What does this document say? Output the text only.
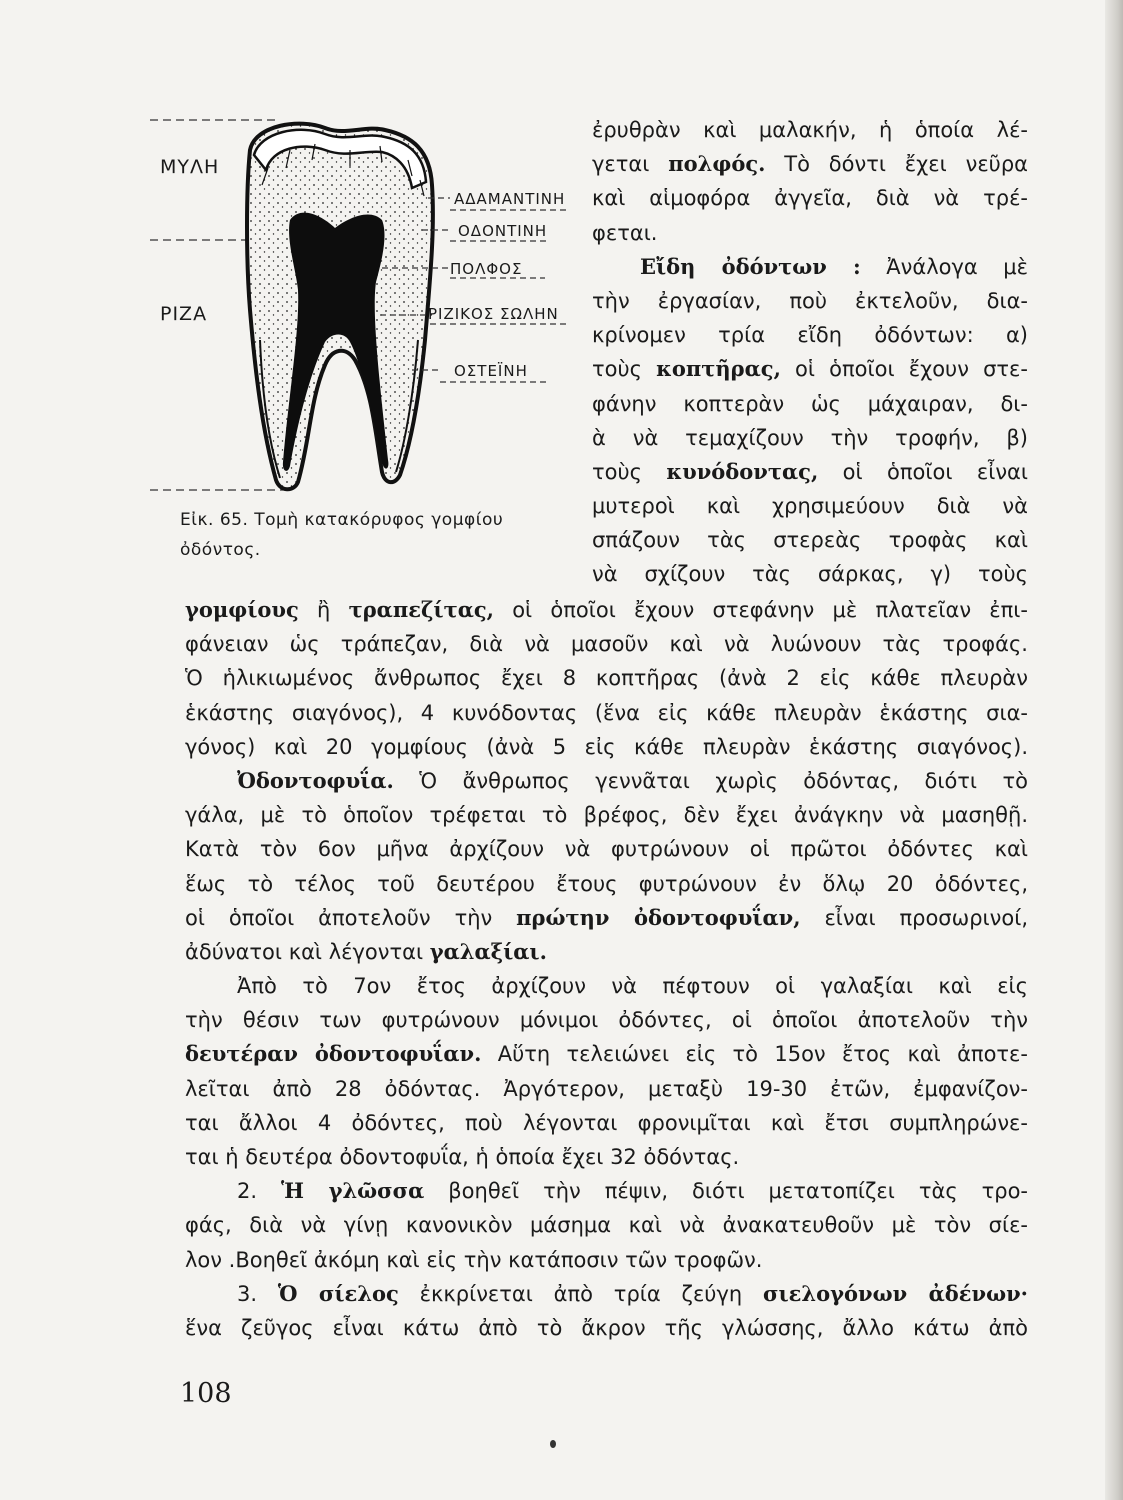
ΜΥΛΗ
ΡΙΖΑ
ΑΔΑΜΑΝΤΙΝΗ
ΟΔΟΝΤΙΝΗ
ΠΟΛΦΟΣ
ΡΙΖΙΚΟΣ ΣΩΛΗΝ
ΟΣΤΕΪΝΗ
Εἰκ. 65. Τομὴ κατακόρυφος γομφίου
ὀδόντος.
ἐρυθρὰν καὶ μαλακήν, ἡ ὁποία λέ-
γεται πολφός. Τὸ δόντι ἔχει νεῦρα
καὶ αἱμοφόρα ἀγγεῖα, διὰ νὰ τρέ-
φεται.
Εἴδη ὀδόντων : Ἀνάλογα μὲ
τὴν ἐργασίαν, ποὺ ἐκτελοῦν, δια-
κρίνομεν τρία εἴδη ὀδόντων: α)
τοὺς κοπτῆρας, οἱ ὁποῖοι ἔχουν στε-
φάνην κοπτερὰν ὡς μάχαιραν, δι-
ὰ νὰ τεμαχίζουν τὴν τροφήν, β)
τοὺς κυνόδοντας, οἱ ὁποῖοι εἶναι
μυτεροὶ καὶ χρησιμεύουν διὰ νὰ
σπάζουν τὰς στερεὰς τροφὰς καὶ
νὰ σχίζουν τὰς σάρκας, γ) τοὺς
γομφίους ἢ τραπεζίτας, οἱ ὁποῖοι ἔχουν στεφάνην μὲ πλατεῖαν ἐπι-
φάνειαν ὡς τράπεζαν, διὰ νὰ μασοῦν καὶ νὰ λυώνουν τὰς τροφάς.
Ὁ ἡλικιωμένος ἄνθρωπος ἔχει 8 κοπτῆρας (ἀνὰ 2 εἰς κάθε πλευρὰν
ἑκάστης σιαγόνος), 4 κυνόδοντας (ἕνα εἰς κάθε πλευρὰν ἑκάστης σια-
γόνος) καὶ 20 γομφίους (ἀνὰ 5 εἰς κάθε πλευρὰν ἑκάστης σιαγόνος).
Ὀδοντοφυΐα. Ὁ ἄνθρωπος γεννᾶται χωρὶς ὀδόντας, διότι τὸ
γάλα, μὲ τὸ ὁποῖον τρέφεται τὸ βρέφος, δὲν ἔχει ἀνάγκην νὰ μασηθῇ.
Κατὰ τὸν 6ον μῆνα ἀρχίζουν νὰ φυτρώνουν οἱ πρῶτοι ὀδόντες καὶ
ἕως τὸ τέλος τοῦ δευτέρου ἔτους φυτρώνουν ἐν ὅλῳ 20 ὀδόντες,
οἱ ὁποῖοι ἀποτελοῦν τὴν πρώτην ὀδοντοφυΐαν, εἶναι προσωρινοί,
ἀδύνατοι καὶ λέγονται γαλαξίαι.
Ἀπὸ τὸ 7ον ἔτος ἀρχίζουν νὰ πέφτουν οἱ γαλαξίαι καὶ εἰς
τὴν θέσιν των φυτρώνουν μόνιμοι ὀδόντες, οἱ ὁποῖοι ἀποτελοῦν τὴν
δευτέραν ὀδοντοφυΐαν. Αὕτη τελειώνει εἰς τὸ 15ον ἔτος καὶ ἀποτε-
λεῖται ἀπὸ 28 ὀδόντας. Ἀργότερον, μεταξὺ 19-30 ἐτῶν, ἐμφανίζον-
ται ἄλλοι 4 ὀδόντες, ποὺ λέγονται φρονιμῖται καὶ ἔτσι συμπληρώνε-
ται ἡ δευτέρα ὀδοντοφυΐα, ἡ ὁποία ἔχει 32 ὀδόντας.
2. Ἡ γλῶσσα βοηθεῖ τὴν πέψιν, διότι μετατοπίζει τὰς τρο-
φάς, διὰ νὰ γίνῃ κανονικὸν μάσημα καὶ νὰ ἀνακατευθοῦν μὲ τὸν σίε-
λον .Βοηθεῖ ἀκόμη καὶ εἰς τὴν κατάποσιν τῶν τροφῶν.
3. Ὁ σίελος ἐκκρίνεται ἀπὸ τρία ζεύγη σιελογόνων ἀδένων·
ἕνα ζεῦγος εἶναι κάτω ἀπὸ τὸ ἄκρον τῆς γλώσσης, ἄλλο κάτω ἀπὸ
108
